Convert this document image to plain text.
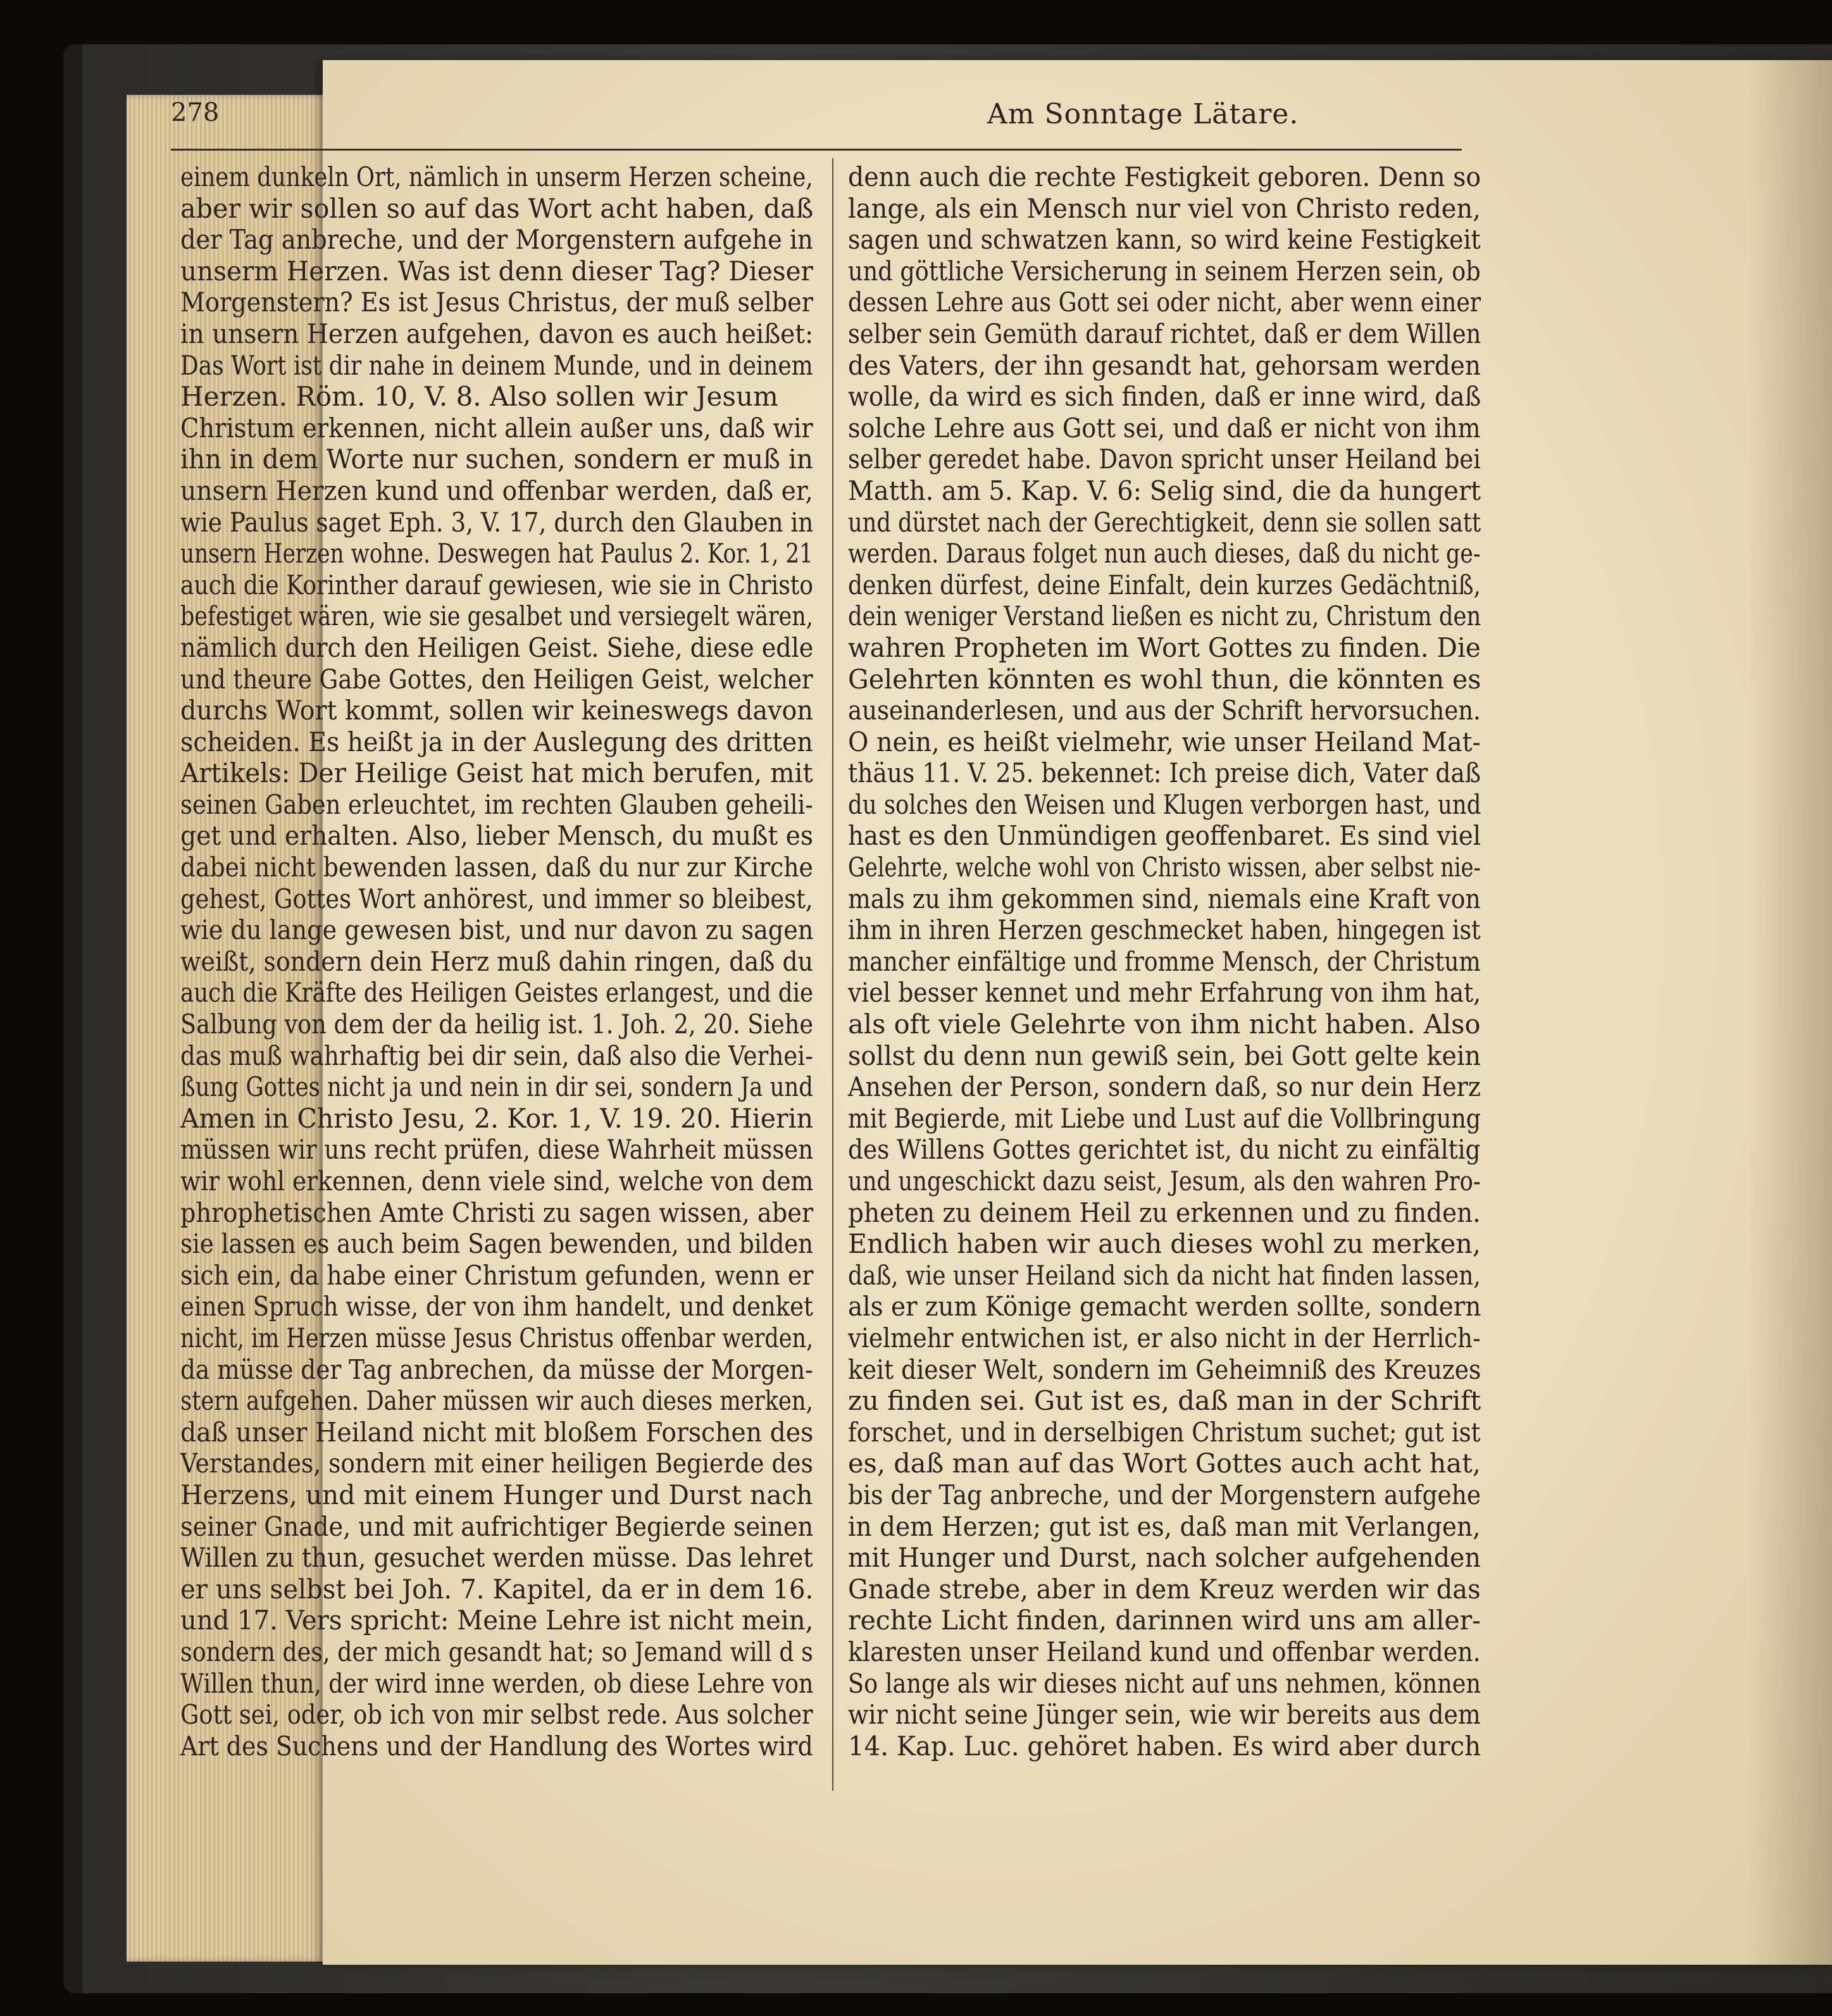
278	Am Sonntage Lätare.
einem dunkeln Ort, nämlich in unserm Herzen scheine,
aber wir sollen so auf das Wort acht haben, daß
der Tag anbreche, und der Morgenstern aufgehe in
unserm Herzen. Was ist denn dieser Tag? Dieser
Morgenstern? Es ist Jesus Christus, der muß selber
in unsern Herzen aufgehen, davon es auch heißet:
Das Wort ist dir nahe in deinem Munde, und in deinem
Herzen. Röm. 10, V. 8. Also sollen wir Jesum
Christum erkennen, nicht allein außer uns, daß wir
ihn in dem Worte nur suchen, sondern er muß in
unsern Herzen kund und offenbar werden, daß er,
wie Paulus saget Eph. 3, V. 17, durch den Glauben in
unsern Herzen wohne. Deswegen hat Paulus 2. Kor. 1, 21
auch die Korinther darauf gewiesen, wie sie in Christo
befestiget wären, wie sie gesalbet und versiegelt wären,
nämlich durch den Heiligen Geist. Siehe, diese edle
und theure Gabe Gottes, den Heiligen Geist, welcher
durchs Wort kommt, sollen wir keineswegs davon
scheiden. Es heißt ja in der Auslegung des dritten
Artikels: Der Heilige Geist hat mich berufen, mit
seinen Gaben erleuchtet, im rechten Glauben geheili-
get und erhalten. Also, lieber Mensch, du mußt es
dabei nicht bewenden lassen, daß du nur zur Kirche
gehest, Gottes Wort anhörest, und immer so bleibest,
wie du lange gewesen bist, und nur davon zu sagen
weißt, sondern dein Herz muß dahin ringen, daß du
auch die Kräfte des Heiligen Geistes erlangest, und die
Salbung von dem der da heilig ist. 1. Joh. 2, 20. Siehe
das muß wahrhaftig bei dir sein, daß also die Verhei-
ßung Gottes nicht ja und nein in dir sei, sondern Ja und
Amen in Christo Jesu, 2. Kor. 1, V. 19. 20. Hierin
müssen wir uns recht prüfen, diese Wahrheit müssen
wir wohl erkennen, denn viele sind, welche von dem
phrophetischen Amte Christi zu sagen wissen, aber
sie lassen es auch beim Sagen bewenden, und bilden
sich ein, da habe einer Christum gefunden, wenn er
einen Spruch wisse, der von ihm handelt, und denket
nicht, im Herzen müsse Jesus Christus offenbar werden,
da müsse der Tag anbrechen, da müsse der Morgen-
stern aufgehen. Daher müssen wir auch dieses merken,
daß unser Heiland nicht mit bloßem Forschen des
Verstandes, sondern mit einer heiligen Begierde des
Herzens, und mit einem Hunger und Durst nach
seiner Gnade, und mit aufrichtiger Begierde seinen
Willen zu thun, gesuchet werden müsse. Das lehret
er uns selbst bei Joh. 7. Kapitel, da er in dem 16.
und 17. Vers spricht: Meine Lehre ist nicht mein,
sondern des, der mich gesandt hat; so Jemand will d s
Willen thun, der wird inne werden, ob diese Lehre von
Gott sei, oder, ob ich von mir selbst rede. Aus solcher
Art des Suchens und der Handlung des Wortes wird
denn auch die rechte Festigkeit geboren. Denn so
lange, als ein Mensch nur viel von Christo reden,
sagen und schwatzen kann, so wird keine Festigkeit
und göttliche Versicherung in seinem Herzen sein, ob
dessen Lehre aus Gott sei oder nicht, aber wenn einer
selber sein Gemüth darauf richtet, daß er dem Willen
des Vaters, der ihn gesandt hat, gehorsam werden
wolle, da wird es sich finden, daß er inne wird, daß
solche Lehre aus Gott sei, und daß er nicht von ihm
selber geredet habe. Davon spricht unser Heiland bei
Matth. am 5. Kap. V. 6: Selig sind, die da hungert
und dürstet nach der Gerechtigkeit, denn sie sollen satt
werden. Daraus folget nun auch dieses, daß du nicht ge-
denken dürfest, deine Einfalt, dein kurzes Gedächtniß,
dein weniger Verstand ließen es nicht zu, Christum den
wahren Propheten im Wort Gottes zu finden. Die
Gelehrten könnten es wohl thun, die könnten es
auseinanderlesen, und aus der Schrift hervorsuchen.
O nein, es heißt vielmehr, wie unser Heiland Mat-
thäus 11. V. 25. bekennet: Ich preise dich, Vater daß
du solches den Weisen und Klugen verborgen hast, und
hast es den Unmündigen geoffenbaret. Es sind viel
Gelehrte, welche wohl von Christo wissen, aber selbst nie-
mals zu ihm gekommen sind, niemals eine Kraft von
ihm in ihren Herzen geschmecket haben, hingegen ist
mancher einfältige und fromme Mensch, der Christum
viel besser kennet und mehr Erfahrung von ihm hat,
als oft viele Gelehrte von ihm nicht haben. Also
sollst du denn nun gewiß sein, bei Gott gelte kein
Ansehen der Person, sondern daß, so nur dein Herz
mit Begierde, mit Liebe und Lust auf die Vollbringung
des Willens Gottes gerichtet ist, du nicht zu einfältig
und ungeschickt dazu seist, Jesum, als den wahren Pro-
pheten zu deinem Heil zu erkennen und zu finden.
Endlich haben wir auch dieses wohl zu merken,
daß, wie unser Heiland sich da nicht hat finden lassen,
als er zum Könige gemacht werden sollte, sondern
vielmehr entwichen ist, er also nicht in der Herrlich-
keit dieser Welt, sondern im Geheimniß des Kreuzes
zu finden sei. Gut ist es, daß man in der Schrift
forschet, und in derselbigen Christum suchet; gut ist
es, daß man auf das Wort Gottes auch acht hat,
bis der Tag anbreche, und der Morgenstern aufgehe
in dem Herzen; gut ist es, daß man mit Verlangen,
mit Hunger und Durst, nach solcher aufgehenden
Gnade strebe, aber in dem Kreuz werden wir das
rechte Licht finden, darinnen wird uns am aller-
klaresten unser Heiland kund und offenbar werden.
So lange als wir dieses nicht auf uns nehmen, können
wir nicht seine Jünger sein, wie wir bereits aus dem
14. Kap. Luc. gehöret haben. Es wird aber durch
